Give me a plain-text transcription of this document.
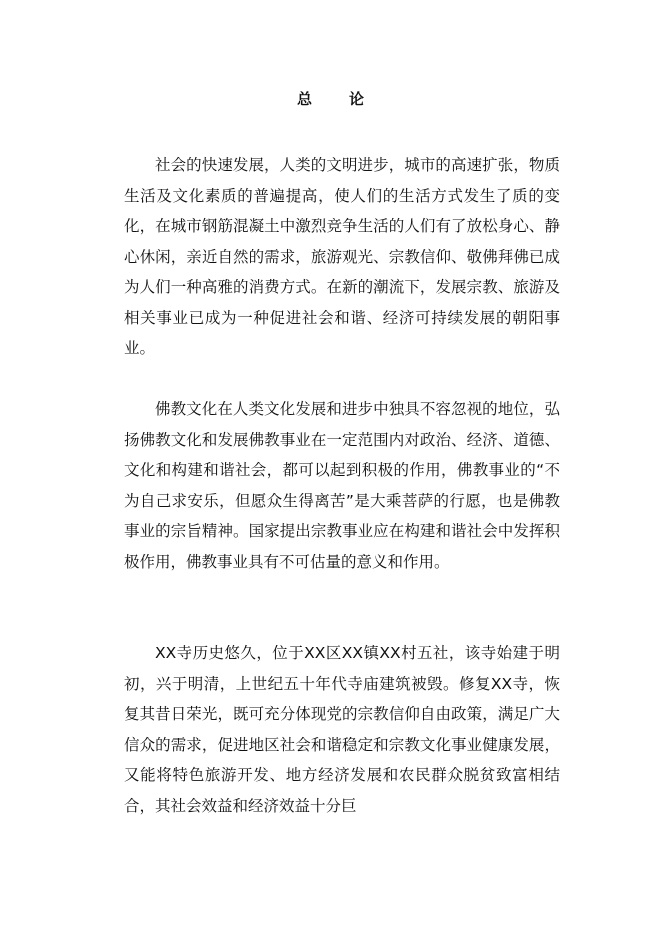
总 论

社会的快速发展，人类的文明进步，城市的高速扩张，物质生活及文化素质的普遍提高，使人们的生活方式发生了质的变化，在城市钢筋混凝土中激烈竞争生活的人们有了放松身心、静心休闲，亲近自然的需求，旅游观光、宗教信仰、敬佛拜佛已成为人们一种高雅的消费方式。在新的潮流下，发展宗教、旅游及相关事业已成为一种促进社会和谐、经济可持续发展的朝阳事业。

佛教文化在人类文化发展和进步中独具不容忽视的地位，弘扬佛教文化和发展佛教事业在一定范围内对政治、经济、道德、文化和构建和谐社会，都可以起到积极的作用，佛教事业的“不为自己求安乐，但愿众生得离苦”是大乘菩萨的行愿，也是佛教事业的宗旨精神。国家提出宗教事业应在构建和谐社会中发挥积极作用，佛教事业具有不可估量的意义和作用。

XX寺历史悠久，位于XX区XX镇XX村五社，该寺始建于明初，兴于明清，上世纪五十年代寺庙建筑被毁。修复XX寺，恢复其昔日荣光，既可充分体现党的宗教信仰自由政策，满足广大信众的需求，促进地区社会和谐稳定和宗教文化事业健康发展，又能将特色旅游开发、地方经济发展和农民群众脱贫致富相结合，其社会效益和经济效益十分巨
